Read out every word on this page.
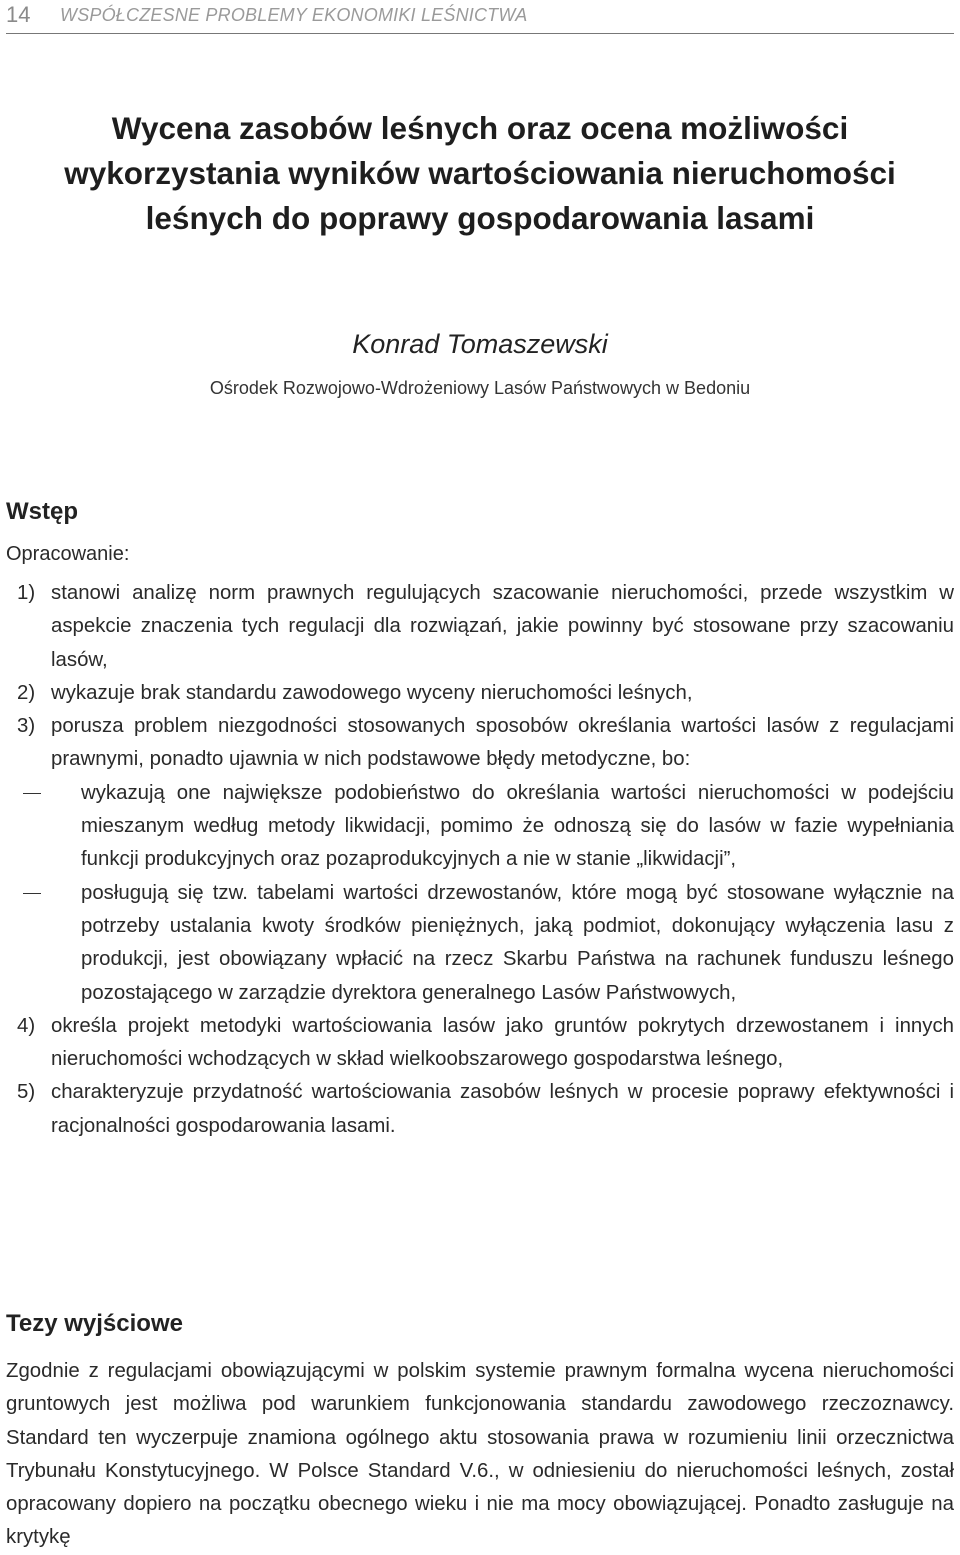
14	WSPÓŁCZESNE PROBLEMY EKONOMIKI LEŚNICTWA
Wycena zasobów leśnych oraz ocena możliwości
wykorzystania wyników wartościowania nieruchomości
leśnych do poprawy gospodarowania lasami
Konrad Tomaszewski
Ośrodek Rozwojowo-Wdrożeniowy Lasów Państwowych w Bedoniu
Wstęp
Opracowanie:
1) stanowi analizę norm prawnych regulujących szacowanie nieruchomości, przede wszystkim w aspekcie znaczenia tych regulacji dla rozwiązań, jakie powinny być stosowane przy szacowaniu lasów,
2) wykazuje brak standardu zawodowego wyceny nieruchomości leśnych,
3) porusza problem niezgodności stosowanych sposobów określania wartości lasów z regulacjami prawnymi, ponadto ujawnia w nich podstawowe błędy metodyczne, bo:
wykazują one największe podobieństwo do określania wartości nieruchomości w podejściu mieszanym według metody likwidacji, pomimo że odnoszą się do lasów w fazie wypełniania funkcji produkcyjnych oraz pozaprodukcyjnych a nie w stanie „likwidacji”,
posługują się tzw. tabelami wartości drzewostanów, które mogą być stosowane wyłącznie na potrzeby ustalania kwoty środków pieniężnych, jaką podmiot, dokonujący wyłączenia lasu z produkcji, jest obowiązany wpłacić na rzecz Skarbu Państwa na rachunek funduszu leśnego pozostającego w zarządzie dyrektora generalnego Lasów Państwowych,
4) określa projekt metodyki wartościowania lasów jako gruntów pokrytych drzewostanem i innych nieruchomości wchodzących w skład wielkoobszarowego gospodarstwa leśnego,
5) charakteryzuje przydatność wartościowania zasobów leśnych w procesie poprawy efektywności i racjonalności gospodarowania lasami.
Tezy wyjściowe
Zgodnie z regulacjami obowiązującymi w polskim systemie prawnym formalna wycena nieruchomości gruntowych jest możliwa pod warunkiem funkcjonowania standardu zawodowego rzeczoznawcy. Standard ten wyczerpuje znamiona ogólnego aktu stosowania prawa w rozumieniu linii orzecznictwa Trybunału Konstytucyjnego. W Polsce Standard V.6., w odniesieniu do nieruchomości leśnych, został opracowany dopiero na początku obecnego wieku i nie ma mocy obowiązującej. Ponadto zasługuje na krytykę
